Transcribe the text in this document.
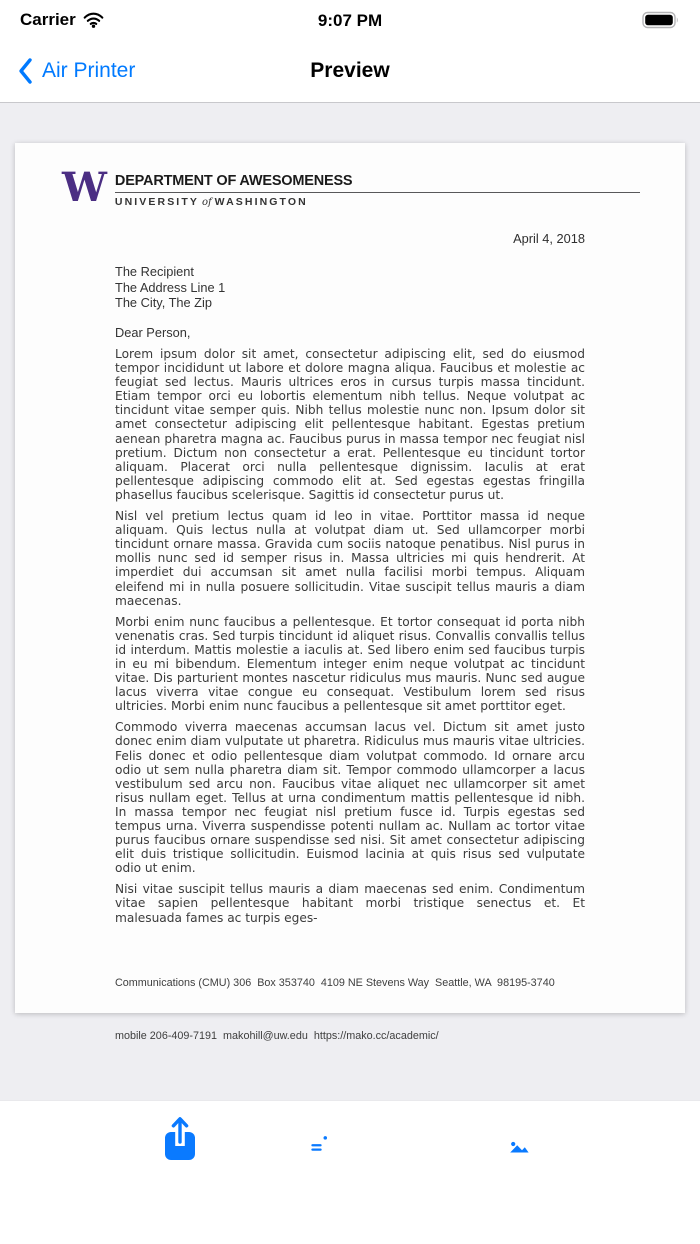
Carrier	9:07 PM
Air Printer	Preview
W DEPARTMENT OF AWESOMENESS
UNIVERSITY of WASHINGTON
April 4, 2018
The Recipient
The Address Line 1
The City, The Zip
Dear Person,

Lorem ipsum dolor sit amet, consectetur adipiscing elit, sed do eiusmod tempor incididunt ut labore et dolore magna aliqua. Faucibus et molestie ac feugiat sed lectus. Mauris ultrices eros in cursus turpis massa tincidunt. Etiam tempor orci eu lobortis elementum nibh tellus. Neque volutpat ac tincidunt vitae semper quis. Nibh tellus molestie nunc non. Ipsum dolor sit amet consectetur adipiscing elit pellentesque habitant. Egestas pretium aenean pharetra magna ac. Faucibus purus in massa tempor nec feugiat nisl pretium. Dictum non consectetur a erat. Pellentesque eu tincidunt tortor aliquam. Placerat orci nulla pellentesque dignissim. Iaculis at erat pellentesque adipiscing commodo elit at. Sed egestas egestas fringilla phasellus faucibus scelerisque. Sagittis id consectetur purus ut.

Nisl vel pretium lectus quam id leo in vitae. Porttitor massa id neque aliquam. Quis lectus nulla at volutpat diam ut. Sed ullamcorper morbi tincidunt ornare massa. Gravida cum sociis natoque penatibus. Nisl purus in mollis nunc sed id semper risus in. Massa ultricies mi quis hendrerit. At imperdiet dui accumsan sit amet nulla facilisi morbi tempus. Aliquam eleifend mi in nulla posuere sollicitudin. Vitae suscipit tellus mauris a diam maecenas.

Morbi enim nunc faucibus a pellentesque. Et tortor consequat id porta nibh venenatis cras. Sed turpis tincidunt id aliquet risus. Convallis convallis tellus id interdum. Mattis molestie a iaculis at. Sed libero enim sed faucibus turpis in eu mi bibendum. Elementum integer enim neque volutpat ac tincidunt vitae. Dis parturient montes nascetur ridiculus mus mauris. Nunc sed augue lacus viverra vitae congue eu consequat. Vestibulum lorem sed risus ultricies. Morbi enim nunc faucibus a pellentesque sit amet porttitor eget.

Commodo viverra maecenas accumsan lacus vel. Dictum sit amet justo donec enim diam vulputate ut pharetra. Ridiculus mus mauris vitae ultricies. Felis donec et odio pellentesque diam volutpat commodo. Id ornare arcu odio ut sem nulla pharetra diam sit. Tempor commodo ullamcorper a lacus vestibulum sed arcu non. Faucibus vitae aliquet nec ullamcorper sit amet risus nullam eget. Tellus at urna condimentum mattis pellentesque id nibh. In massa tempor nec feugiat nisl pretium fusce id. Turpis egestas sed tempus urna. Viverra suspendisse potenti nullam ac. Nullam ac tortor vitae purus faucibus ornare suspendisse sed nisi. Sit amet consectetur adipiscing elit duis tristique sollicitudin. Euismod lacinia at quis risus sed vulputate odio ut enim.

Nisi vitae suscipit tellus mauris a diam maecenas sed enim. Condimentum vitae sapien pellentesque habitant morbi tristique senectus et. Et malesuada fames ac turpis eges-

Communications (CMU) 306  Box 353740  4109 NE Stevens Way  Seattle, WA  98195-3740

mobile 206-409-7191  makohill@uw.edu  https://mako.cc/academic/

Print	A
